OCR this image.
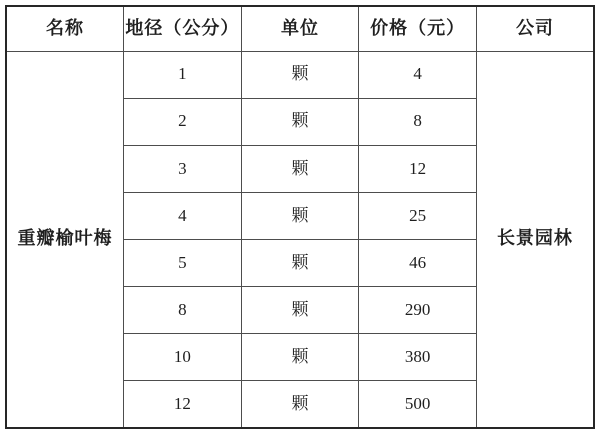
名称	地径（公分）	单位	价格（元）	公司
重瓣榆叶梅	1	颗	4	长景园林
	2	颗	8	
	3	颗	12	
	4	颗	25	
	5	颗	46	
	8	颗	290	
	10	颗	380	
	12	颗	500	
